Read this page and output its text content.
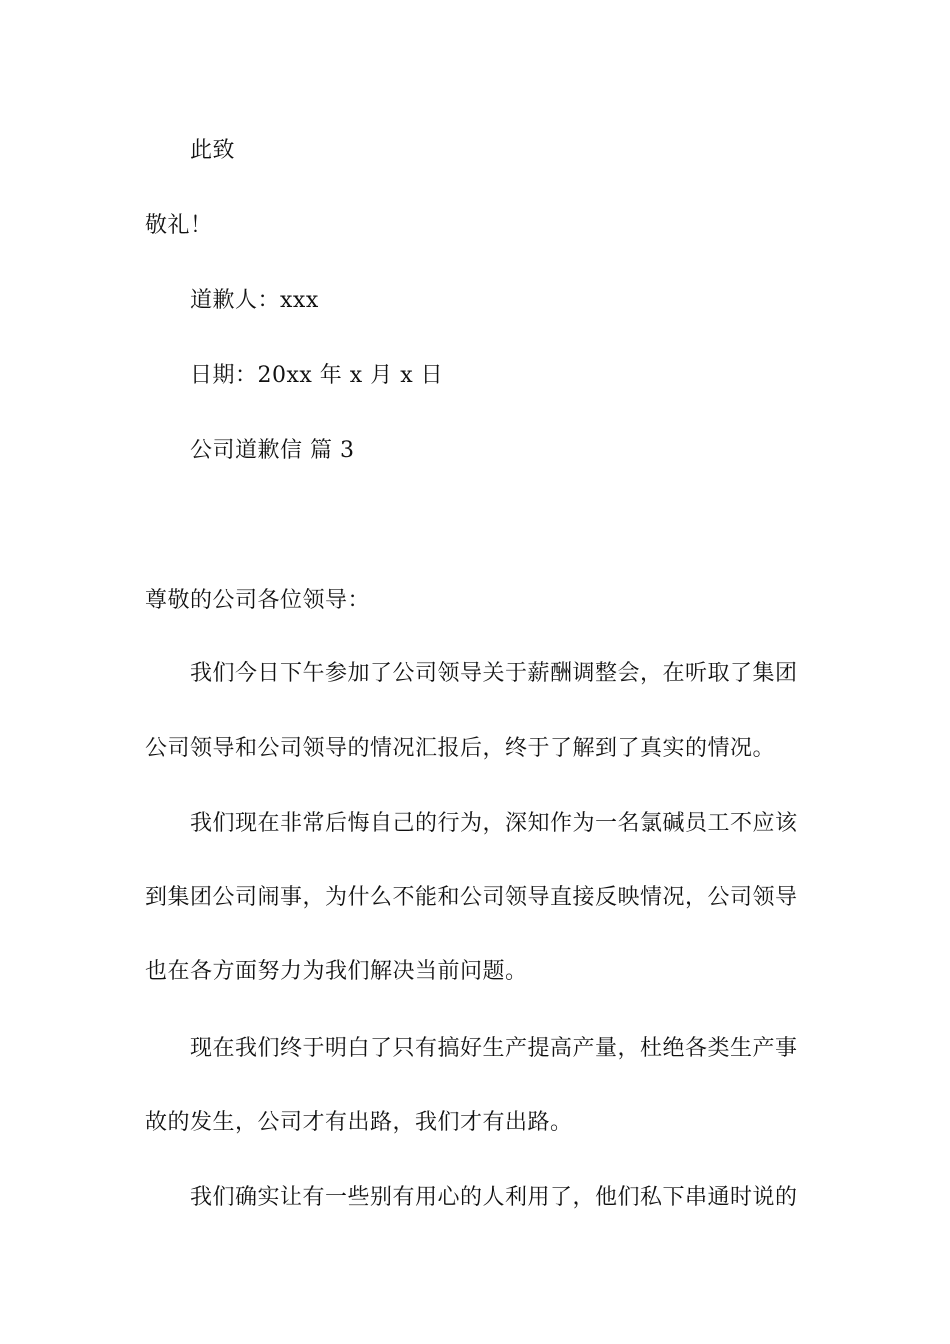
此致
敬礼！
道歉人：xxx
日期：20xx 年 x 月 x 日
公司道歉信 篇 3
尊敬的公司各位领导：
我们今日下午参加了公司领导关于薪酬调整会，在听取了集团
公司领导和公司领导的情况汇报后，终于了解到了真实的情况。
我们现在非常后悔自己的行为，深知作为一名氯碱员工不应该
到集团公司闹事，为什么不能和公司领导直接反映情况，公司领导
也在各方面努力为我们解决当前问题。
现在我们终于明白了只有搞好生产提高产量，杜绝各类生产事
故的发生，公司才有出路，我们才有出路。
我们确实让有一些别有用心的人利用了，他们私下串通时说的
